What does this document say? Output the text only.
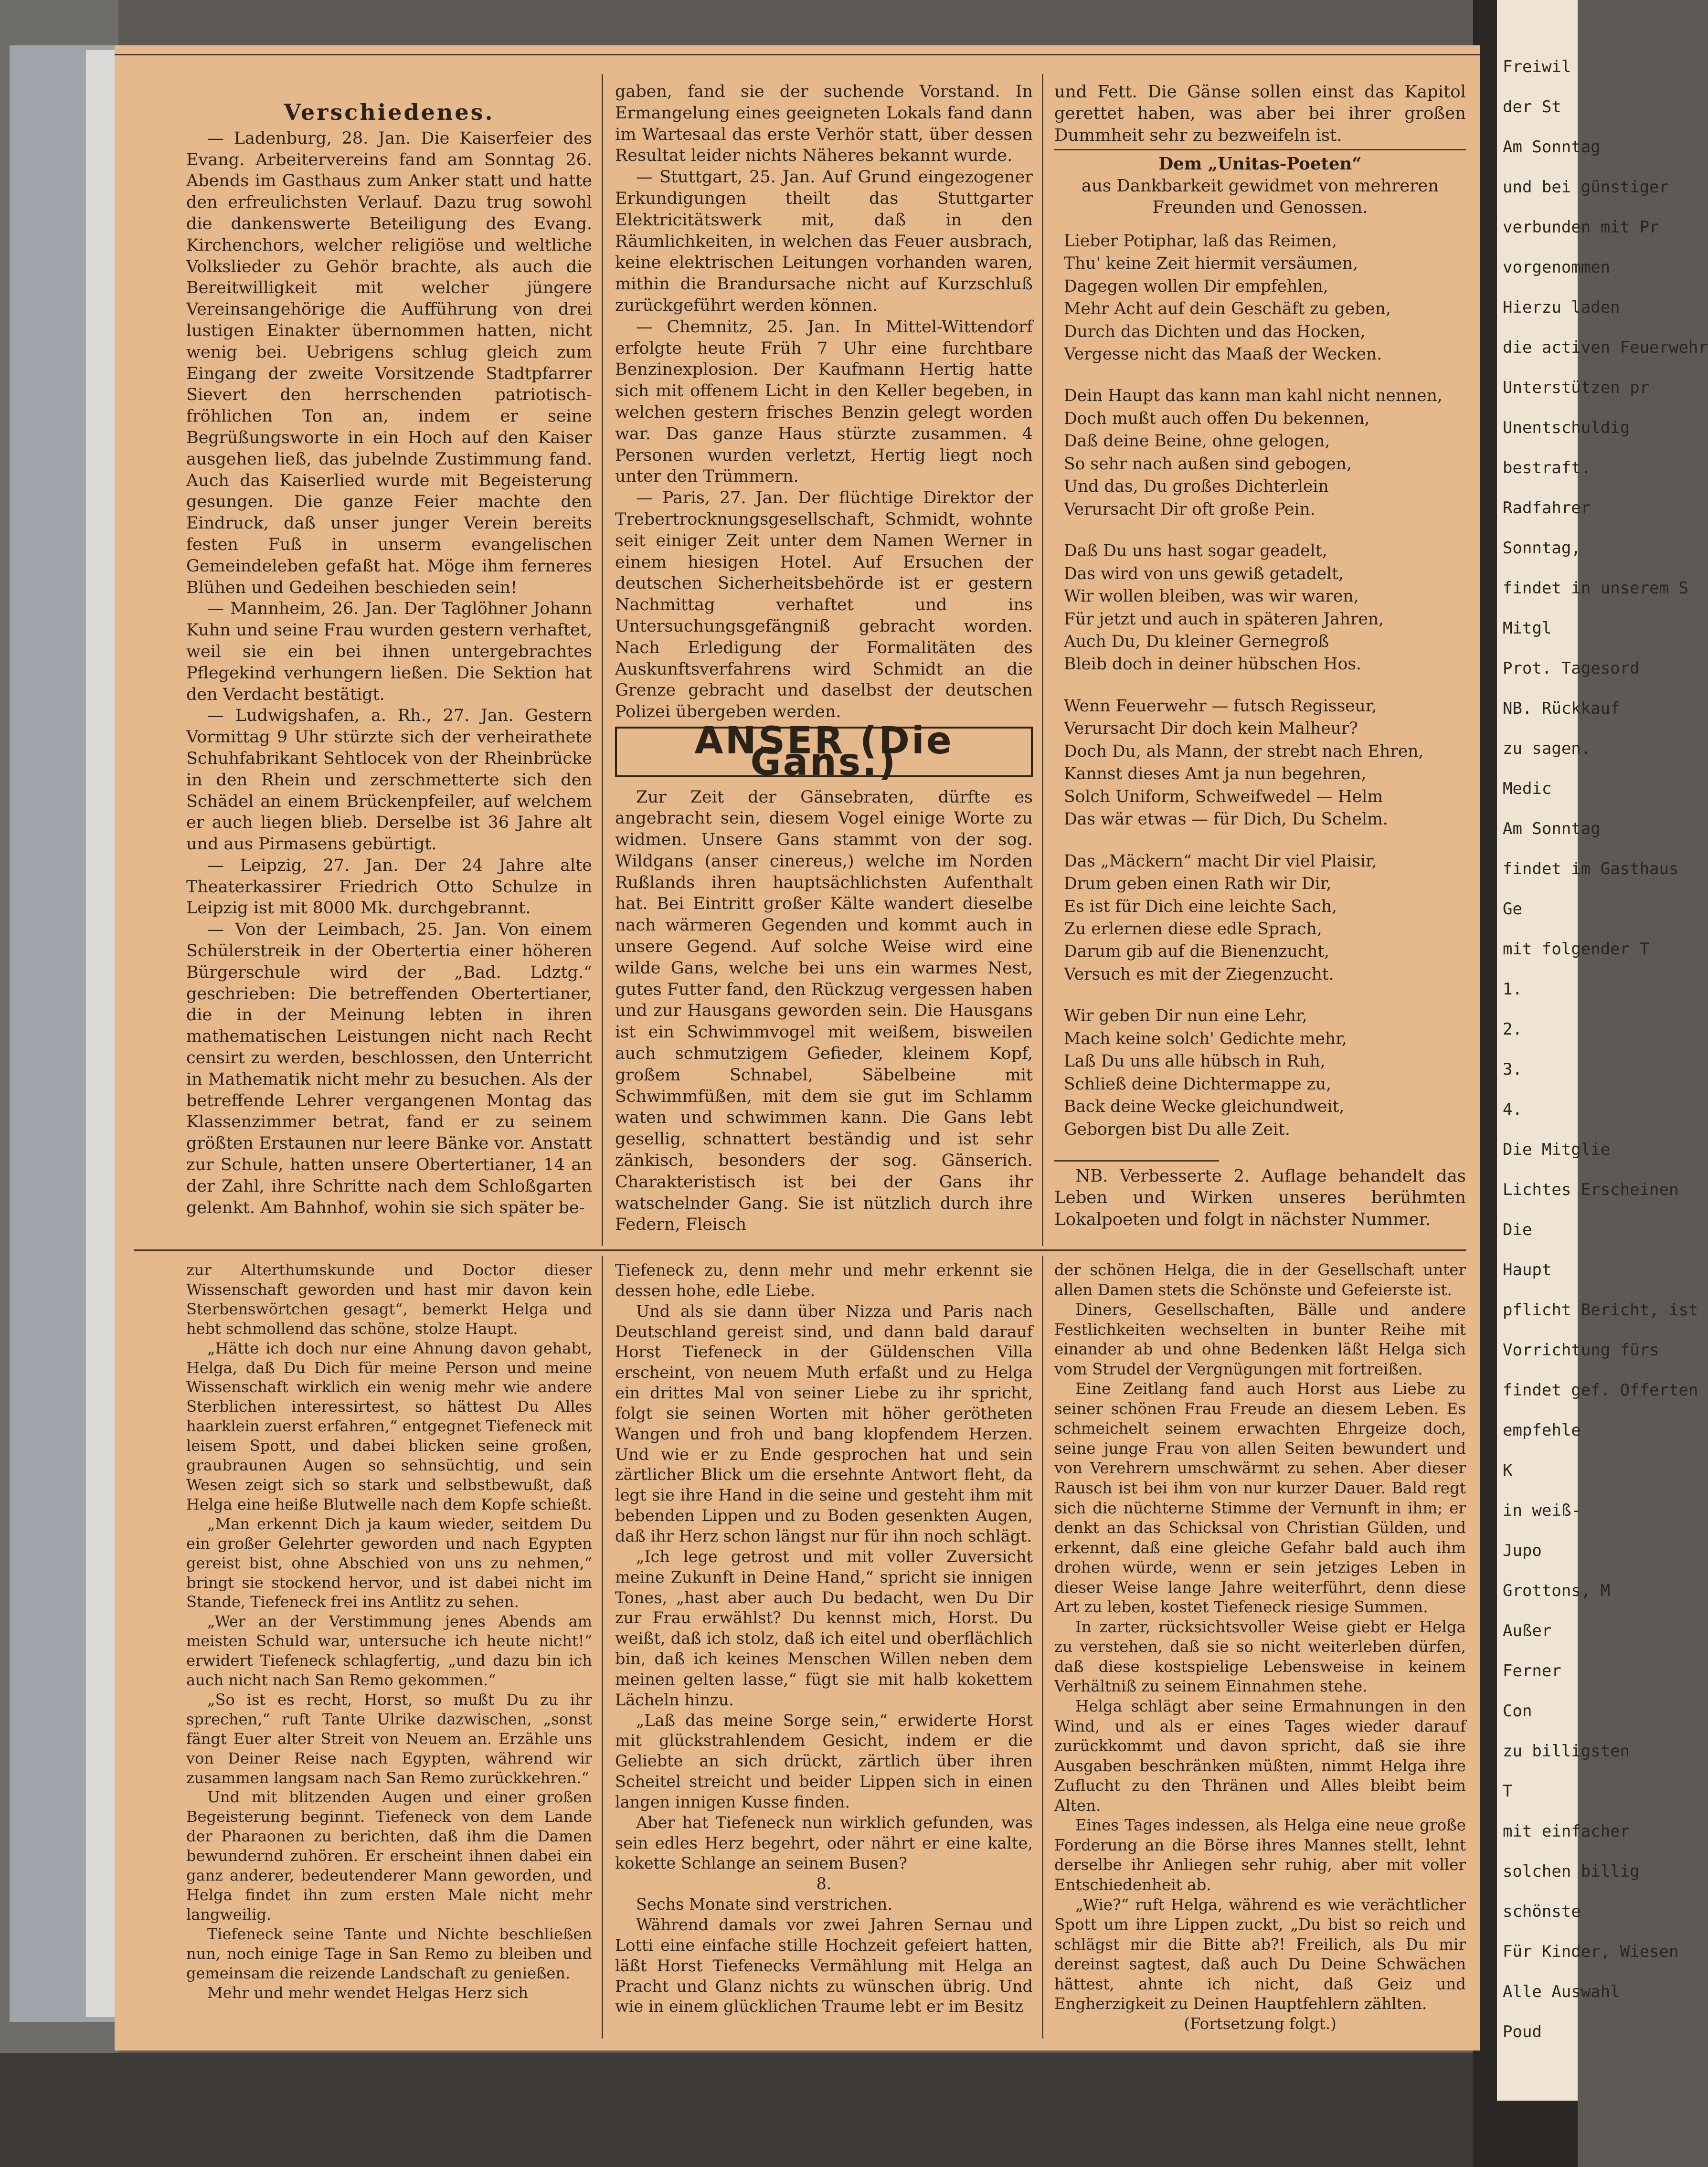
Freiwil
der St
Am Sonntag
und bei günstiger
verbunden mit Pr
vorgenommen
Hierzu laden
die activen Feuerwehr
Unterstützen pr
Unentschuldig
bestraft.
Radfahrer
Sonntag,
findet in unserem S
Mitgl
Prot. Tagesord
NB. Rückkauf
zu sagen.
Medic
Am Sonntag
findet im Gasthaus
Ge
mit folgender T
1.
2.
3.
4.
Die Mitglie
Lichtes Erscheinen
Die
Haupt
pflicht Bericht, ist
Vorrichtung fürs
findet gef. Offerten
empfehle
K
in weiß-
Jupo
Grottons, M
Außer
Ferner
Con
zu billigsten
T
mit einfacher
solchen billig
schönste
Für Kinder, Wiesen
Alle Auswahl
Poud

Verschiedenes.

— Ladenburg, 28. Jan. Die Kaiserfeier des Evang. Arbeitervereins fand am Sonntag 26. Abends im Gasthaus zum Anker statt und hatte den erfreulichsten Verlauf. Dazu trug sowohl die dankenswerte Beteiligung des Evang. Kirchenchors, welcher religiöse und weltliche Volkslieder zu Gehör brachte, als auch die Bereitwilligkeit mit welcher jüngere Vereinsangehörige die Aufführung von drei lustigen Einakter übernommen hatten, nicht wenig bei. Uebrigens schlug gleich zum Eingang der zweite Vorsitzende Stadtpfarrer Sievert den herrschenden patriotisch-fröhlichen Ton an, indem er seine Begrüßungsworte in ein Hoch auf den Kaiser ausgehen ließ, das jubelnde Zustimmung fand. Auch das Kaiserlied wurde mit Begeisterung gesungen. Die ganze Feier machte den Eindruck, daß unser junger Verein bereits festen Fuß in unserm evangelischen Gemeindeleben gefaßt hat. Möge ihm ferneres Blühen und Gedeihen beschieden sein!

— Mannheim, 26. Jan. Der Taglöhner Johann Kuhn und seine Frau wurden gestern verhaftet, weil sie ein bei ihnen untergebrachtes Pflegekind verhungern ließen. Die Sektion hat den Verdacht bestätigt.

— Ludwigshafen, a. Rh., 27. Jan. Gestern Vormittag 9 Uhr stürzte sich der verheirathete Schuhfabrikant Sehtlocek von der Rheinbrücke in den Rhein und zerschmetterte sich den Schädel an einem Brückenpfeiler, auf welchem er auch liegen blieb. Derselbe ist 36 Jahre alt und aus Pirmasens gebürtigt.

— Leipzig, 27. Jan. Der 24 Jahre alte Theaterkassirer Friedrich Otto Schulze in Leipzig ist mit 8000 Mk. durchgebrannt.

— Von der Leimbach, 25. Jan. Von einem Schülerstreik in der Obertertia einer höheren Bürgerschule wird der „Bad. Ldztg.“ geschrieben: Die betreffenden Obertertianer, die in der Meinung lebten in ihren mathematischen Leistungen nicht nach Recht censirt zu werden, beschlossen, den Unterricht in Mathematik nicht mehr zu besuchen. Als der betreffende Lehrer vergangenen Montag das Klassenzimmer betrat, fand er zu seinem größten Erstaunen nur leere Bänke vor. Anstatt zur Schule, hatten unsere Obertertianer, 14 an der Zahl, ihre Schritte nach dem Schloßgarten gelenkt. Am Bahnhof, wohin sie sich später be-

gaben, fand sie der suchende Vorstand. In Ermangelung eines geeigneten Lokals fand dann im Wartesaal das erste Verhör statt, über dessen Resultat leider nichts Näheres bekannt wurde.

— Stuttgart, 25. Jan. Auf Grund eingezogener Erkundigungen theilt das Stuttgarter Elektricitätswerk mit, daß in den Räumlichkeiten, in welchen das Feuer ausbrach, keine elektrischen Leitungen vorhanden waren, mithin die Brandursache nicht auf Kurzschluß zurückgeführt werden können.

— Chemnitz, 25. Jan. In Mittel-Wittendorf erfolgte heute Früh 7 Uhr eine furchtbare Benzinexplosion. Der Kaufmann Hertig hatte sich mit offenem Licht in den Keller begeben, in welchen gestern frisches Benzin gelegt worden war. Das ganze Haus stürzte zusammen. 4 Personen wurden verletzt, Hertig liegt noch unter den Trümmern.

— Paris, 27. Jan. Der flüchtige Direktor der Trebertrocknungsgesellschaft, Schmidt, wohnte seit einiger Zeit unter dem Namen Werner in einem hiesigen Hotel. Auf Ersuchen der deutschen Sicherheitsbehörde ist er gestern Nachmittag verhaftet und ins Untersuchungsgefängniß gebracht worden. Nach Erledigung der Formalitäten des Auskunftsverfahrens wird Schmidt an die Grenze gebracht und daselbst der deutschen Polizei übergeben werden.

ANSER (Die Gans.)

Zur Zeit der Gänsebraten, dürfte es angebracht sein, diesem Vogel einige Worte zu widmen. Unsere Gans stammt von der sog. Wildgans (anser cinereus,) welche im Norden Rußlands ihren hauptsächlichsten Aufenthalt hat. Bei Eintritt großer Kälte wandert dieselbe nach wärmeren Gegenden und kommt auch in unsere Gegend. Auf solche Weise wird eine wilde Gans, welche bei uns ein warmes Nest, gutes Futter fand, den Rückzug vergessen haben und zur Hausgans geworden sein. Die Hausgans ist ein Schwimmvogel mit weißem, bisweilen auch schmutzigem Gefieder, kleinem Kopf, großem Schnabel, Säbelbeine mit Schwimmfüßen, mit dem sie gut im Schlamm waten und schwimmen kann. Die Gans lebt gesellig, schnattert beständig und ist sehr zänkisch, besonders der sog. Gänserich. Charakteristisch ist bei der Gans ihr watschelnder Gang. Sie ist nützlich durch ihre Federn, Fleisch

und Fett. Die Gänse sollen einst das Kapitol gerettet haben, was aber bei ihrer großen Dummheit sehr zu bezweifeln ist.

Dem „Unitas-Poeten“

aus Dankbarkeit gewidmet von mehreren Freunden und Genossen.

Lieber Potiphar, laß das Reimen,
Thu' keine Zeit hiermit versäumen,
Dagegen wollen Dir empfehlen,
Mehr Acht auf dein Geschäft zu geben,
Durch das Dichten und das Hocken,
Vergesse nicht das Maaß der Wecken.
Dein Haupt das kann man kahl nicht nennen,
Doch mußt auch offen Du bekennen,
Daß deine Beine, ohne gelogen,
So sehr nach außen sind gebogen,
Und das, Du großes Dichterlein
Verursacht Dir oft große Pein.
Daß Du uns hast sogar geadelt,
Das wird von uns gewiß getadelt,
Wir wollen bleiben, was wir waren,
Für jetzt und auch in späteren Jahren,
Auch Du, Du kleiner Gernegroß
Bleib doch in deiner hübschen Hos.
Wenn Feuerwehr — futsch Regisseur,
Verursacht Dir doch kein Malheur?
Doch Du, als Mann, der strebt nach Ehren,
Kannst dieses Amt ja nun begehren,
Solch Uniform, Schweifwedel — Helm
Das wär etwas — für Dich, Du Schelm.
Das „Mäckern“ macht Dir viel Plaisir,
Drum geben einen Rath wir Dir,
Es ist für Dich eine leichte Sach,
Zu erlernen diese edle Sprach,
Darum gib auf die Bienenzucht,
Versuch es mit der Ziegenzucht.
Wir geben Dir nun eine Lehr,
Mach keine solch' Gedichte mehr,
Laß Du uns alle hübsch in Ruh,
Schließ deine Dichtermappe zu,
Back deine Wecke gleichundweit,
Geborgen bist Du alle Zeit.

NB. Verbesserte 2. Auflage behandelt das Leben und Wirken unseres berühmten Lokalpoeten und folgt in nächster Nummer.

zur Alterthumskunde und Doctor dieser Wissenschaft geworden und hast mir davon kein Sterbenswörtchen gesagt“, bemerkt Helga und hebt schmollend das schöne, stolze Haupt.

„Hätte ich doch nur eine Ahnung davon gehabt, Helga, daß Du Dich für meine Person und meine Wissenschaft wirklich ein wenig mehr wie andere Sterblichen interessirtest, so hättest Du Alles haarklein zuerst erfahren,“ entgegnet Tiefeneck mit leisem Spott, und dabei blicken seine großen, graubraunen Augen so sehnsüchtig, und sein Wesen zeigt sich so stark und selbstbewußt, daß Helga eine heiße Blutwelle nach dem Kopfe schießt.

„Man erkennt Dich ja kaum wieder, seitdem Du ein großer Gelehrter geworden und nach Egypten gereist bist, ohne Abschied von uns zu nehmen,“ bringt sie stockend hervor, und ist dabei nicht im Stande, Tiefeneck frei ins Antlitz zu sehen.

„Wer an der Verstimmung jenes Abends am meisten Schuld war, untersuche ich heute nicht!“ erwidert Tiefeneck schlagfertig, „und dazu bin ich auch nicht nach San Remo gekommen.“

„So ist es recht, Horst, so mußt Du zu ihr sprechen,“ ruft Tante Ulrike dazwischen, „sonst fängt Euer alter Streit von Neuem an. Erzähle uns von Deiner Reise nach Egypten, während wir zusammen langsam nach San Remo zurückkehren.“

Und mit blitzenden Augen und einer großen Begeisterung beginnt. Tiefeneck von dem Lande der Pharaonen zu berichten, daß ihm die Damen bewundernd zuhören. Er erscheint ihnen dabei ein ganz anderer, bedeutenderer Mann geworden, und Helga findet ihn zum ersten Male nicht mehr langweilig.

Tiefeneck seine Tante und Nichte beschließen nun, noch einige Tage in San Remo zu bleiben und gemeinsam die reizende Landschaft zu genießen.

Mehr und mehr wendet Helgas Herz sich

Tiefeneck zu, denn mehr und mehr erkennt sie dessen hohe, edle Liebe.

Und als sie dann über Nizza und Paris nach Deutschland gereist sind, und dann bald darauf Horst Tiefeneck in der Güldenschen Villa erscheint, von neuem Muth erfaßt und zu Helga ein drittes Mal von seiner Liebe zu ihr spricht, folgt sie seinen Worten mit höher gerötheten Wangen und froh und bang klopfendem Herzen. Und wie er zu Ende gesprochen hat und sein zärtlicher Blick um die ersehnte Antwort fleht, da legt sie ihre Hand in die seine und gesteht ihm mit bebenden Lippen und zu Boden gesenkten Augen, daß ihr Herz schon längst nur für ihn noch schlägt.

„Ich lege getrost und mit voller Zuversicht meine Zukunft in Deine Hand,“ spricht sie innigen Tones, „hast aber auch Du bedacht, wen Du Dir zur Frau erwählst? Du kennst mich, Horst. Du weißt, daß ich stolz, daß ich eitel und oberflächlich bin, daß ich keines Menschen Willen neben dem meinen gelten lasse,“ fügt sie mit halb kokettem Lächeln hinzu.

„Laß das meine Sorge sein,“ erwiderte Horst mit glückstrahlendem Gesicht, indem er die Geliebte an sich drückt, zärtlich über ihren Scheitel streicht und beider Lippen sich in einen langen innigen Kusse finden.

Aber hat Tiefeneck nun wirklich gefunden, was sein edles Herz begehrt, oder nährt er eine kalte, kokette Schlange an seinem Busen?

8.

Sechs Monate sind verstrichen.

Während damals vor zwei Jahren Sernau und Lotti eine einfache stille Hochzeit gefeiert hatten, läßt Horst Tiefenecks Vermählung mit Helga an Pracht und Glanz nichts zu wünschen übrig. Und wie in einem glücklichen Traume lebt er im Besitz

der schönen Helga, die in der Gesellschaft unter allen Damen stets die Schönste und Gefeierste ist.

Diners, Gesellschaften, Bälle und andere Festlichkeiten wechselten in bunter Reihe mit einander ab und ohne Bedenken läßt Helga sich vom Strudel der Vergnügungen mit fortreißen.

Eine Zeitlang fand auch Horst aus Liebe zu seiner schönen Frau Freude an diesem Leben. Es schmeichelt seinem erwachten Ehrgeize doch, seine junge Frau von allen Seiten bewundert und von Verehrern umschwärmt zu sehen. Aber dieser Rausch ist bei ihm von nur kurzer Dauer. Bald regt sich die nüchterne Stimme der Vernunft in ihm; er denkt an das Schicksal von Christian Gülden, und erkennt, daß eine gleiche Gefahr bald auch ihm drohen würde, wenn er sein jetziges Leben in dieser Weise lange Jahre weiterführt, denn diese Art zu leben, kostet Tiefeneck riesige Summen.

In zarter, rücksichtsvoller Weise giebt er Helga zu verstehen, daß sie so nicht weiterleben dürfen, daß diese kostspielige Lebensweise in keinem Verhältniß zu seinem Einnahmen stehe.

Helga schlägt aber seine Ermahnungen in den Wind, und als er eines Tages wieder darauf zurückkommt und davon spricht, daß sie ihre Ausgaben beschränken müßten, nimmt Helga ihre Zuflucht zu den Thränen und Alles bleibt beim Alten.

Eines Tages indessen, als Helga eine neue große Forderung an die Börse ihres Mannes stellt, lehnt derselbe ihr Anliegen sehr ruhig, aber mit voller Entschiedenheit ab.

„Wie?“ ruft Helga, während es wie verächtlicher Spott um ihre Lippen zuckt, „Du bist so reich und schlägst mir die Bitte ab?! Freilich, als Du mir dereinst sagtest, daß auch Du Deine Schwächen hättest, ahnte ich nicht, daß Geiz und Engherzigkeit zu Deinen Hauptfehlern zählten.

(Fortsetzung folgt.)
